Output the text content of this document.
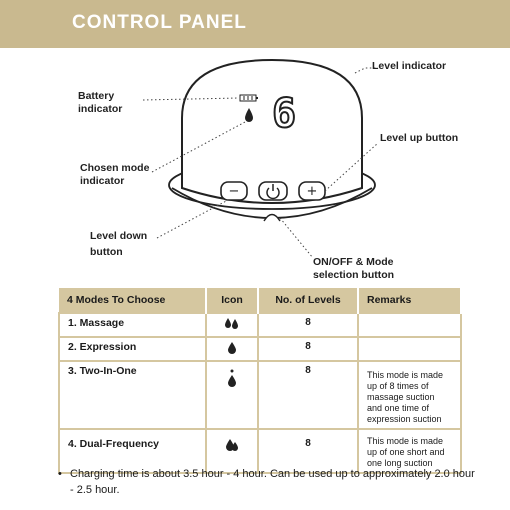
CONTROL PANEL
6
−	+
Battery
indicator
Level indicator
Level up button
Chosen mode
indicator
Level down
button
ON/OFF & Mode
selection button
4 Modes To Choose	Icon	No. of Levels	Remarks
1. Massage		8	
2. Expression		8	
3. Two-In-One		8	This mode is made up of 8 times of massage suction and one time of expression suction
4. Dual-Frequency		8	This mode is made up of one short and one long suction
• Charging time is about 3.5 hour - 4 hour. Can be used up to approximately 2.0 hour - 2.5 hour.
